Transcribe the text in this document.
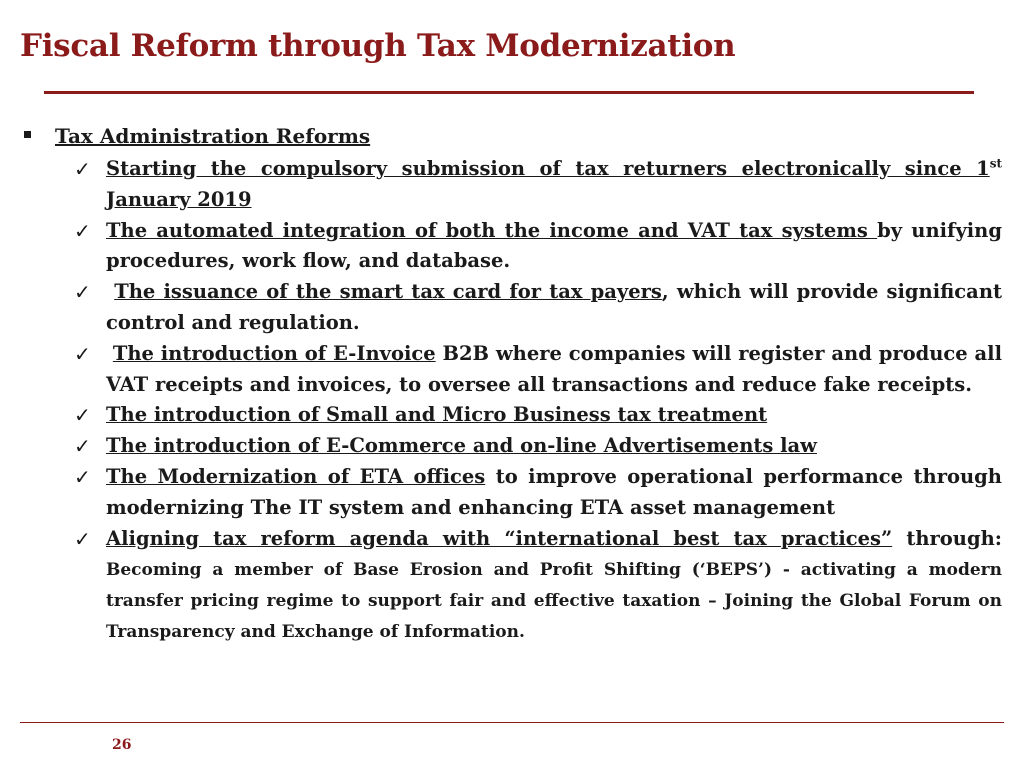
Fiscal Reform through Tax Modernization
Tax Administration Reforms
✓ Starting the compulsory submission of tax returners electronically since 1st January 2019
✓ The automated integration of both the income and VAT tax systems by unifying procedures, work flow, and database.
✓ The issuance of the smart tax card for tax payers, which will provide significant control and regulation.
✓ The introduction of E-Invoice B2B where companies will register and produce all VAT receipts and invoices, to oversee all transactions and reduce fake receipts.
✓ The introduction of Small and Micro Business tax treatment
✓ The introduction of E-Commerce and on-line Advertisements law
✓ The Modernization of ETA offices to improve operational performance through modernizing The IT system and enhancing ETA asset management
✓ Aligning tax reform agenda with “international best tax practices” through: Becoming a member of Base Erosion and Profit Shifting (‘BEPS’) - activating a modern transfer pricing regime to support fair and effective taxation – Joining the Global Forum on Transparency and Exchange of Information.
26
